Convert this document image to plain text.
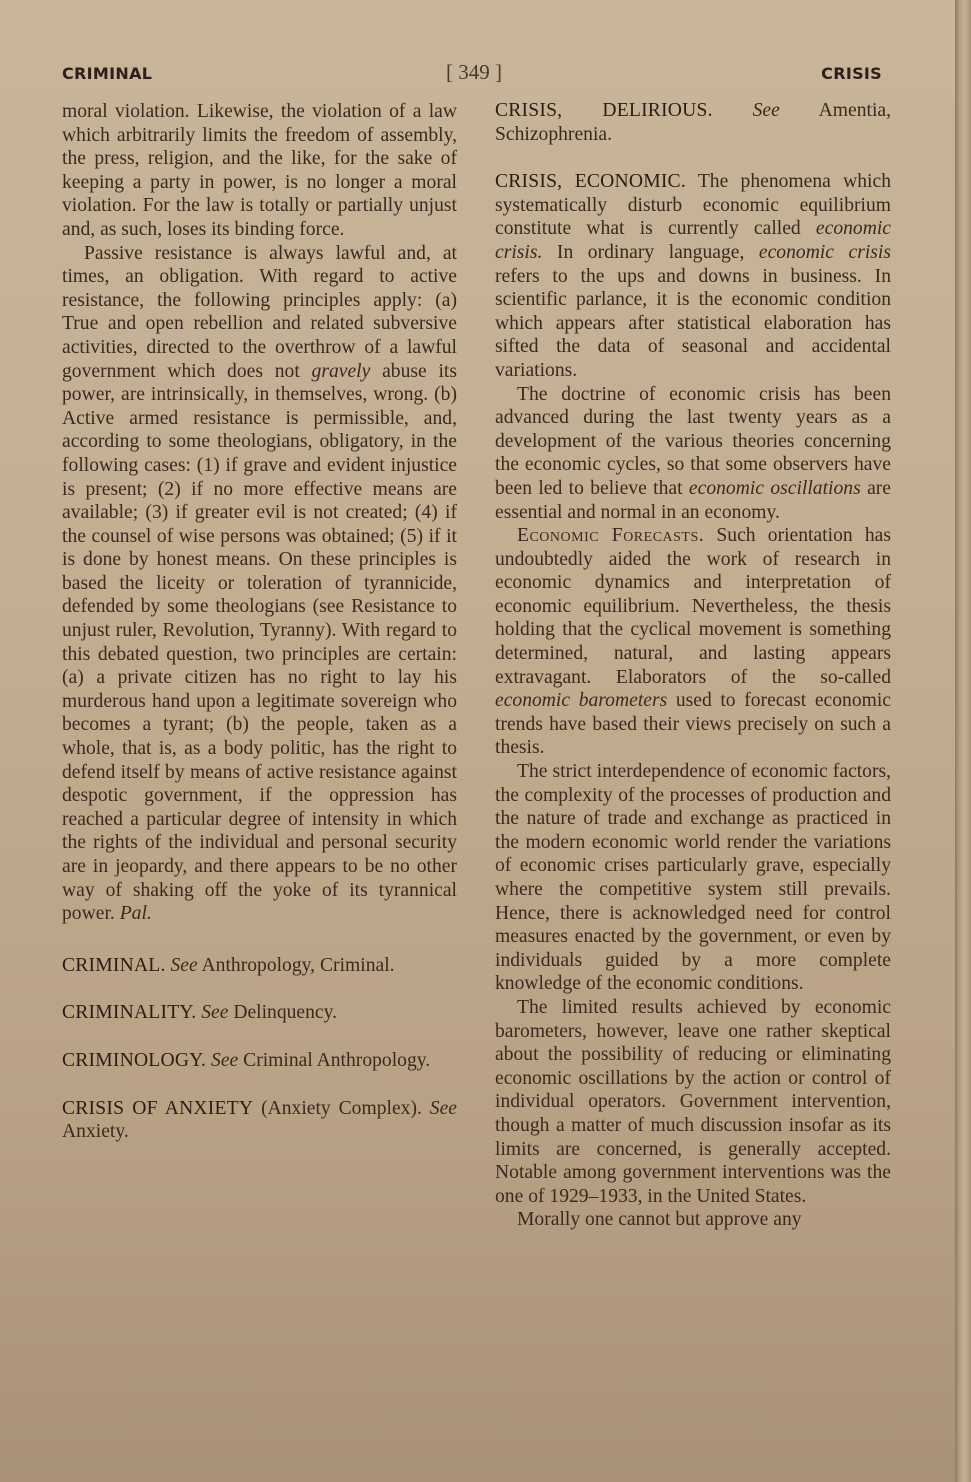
CRIMINAL	[ 349 ]	CRISIS

moral violation. Likewise, the violation of a law which arbitrarily limits the freedom of assembly, the press, religion, and the like, for the sake of keeping a party in power, is no longer a moral violation. For the law is totally or partially unjust and, as such, loses its binding force.

Passive resistance is always lawful and, at times, an obligation. With regard to active resistance, the following principles apply: (a) True and open rebellion and related subversive activities, directed to the overthrow of a lawful government which does not gravely abuse its power, are intrinsically, in themselves, wrong. (b) Active armed resistance is permissible, and, according to some theologians, obligatory, in the following cases: (1) if grave and evident injustice is present; (2) if no more effective means are available; (3) if greater evil is not created; (4) if the counsel of wise persons was obtained; (5) if it is done by honest means. On these principles is based the liceity or toleration of tyrannicide, defended by some theologians (see Resistance to unjust ruler, Revolution, Tyranny). With regard to this debated question, two principles are certain: (a) a private citizen has no right to lay his murderous hand upon a legitimate sovereign who becomes a tyrant; (b) the people, taken as a whole, that is, as a body politic, has the right to defend itself by means of active resistance against despotic government, if the oppression has reached a particular degree of intensity in which the rights of the individual and personal security are in jeopardy, and there appears to be no other way of shaking off the yoke of its tyrannical power. Pal.

CRIMINAL. See Anthropology, Criminal.

CRIMINALITY. See Delinquency.

CRIMINOLOGY. See Criminal Anthropology.

CRISIS OF ANXIETY (Anxiety Complex). See Anxiety.

CRISIS, DELIRIOUS. See Amentia, Schizophrenia.

CRISIS, ECONOMIC. The phenomena which systematically disturb economic equilibrium constitute what is currently called economic crisis. In ordinary language, economic crisis refers to the ups and downs in business. In scientific parlance, it is the economic condition which appears after statistical elaboration has sifted the data of seasonal and accidental variations.

The doctrine of economic crisis has been advanced during the last twenty years as a development of the various theories concerning the economic cycles, so that some observers have been led to believe that economic oscillations are essential and normal in an economy.

Economic Forecasts. Such orientation has undoubtedly aided the work of research in economic dynamics and interpretation of economic equilibrium. Nevertheless, the thesis holding that the cyclical movement is something determined, natural, and lasting appears extravagant. Elaborators of the so-called economic barometers used to forecast economic trends have based their views precisely on such a thesis.

The strict interdependence of economic factors, the complexity of the processes of production and the nature of trade and exchange as practiced in the modern economic world render the variations of economic crises particularly grave, especially where the competitive system still prevails. Hence, there is acknowledged need for control measures enacted by the government, or even by individuals guided by a more complete knowledge of the economic conditions.

The limited results achieved by economic barometers, however, leave one rather skeptical about the possibility of reducing or eliminating economic oscillations by the action or control of individual operators. Government intervention, though a matter of much discussion insofar as its limits are concerned, is generally accepted. Notable among government interventions was the one of 1929–1933, in the United States.

Morally one cannot but approve any
